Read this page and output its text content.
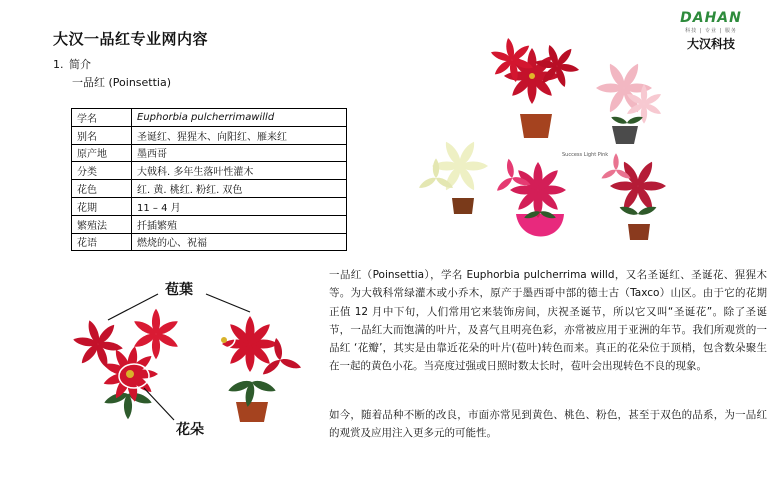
大汉一品红专业网内容
1. 简介
一品红 (Poinsettia)
学名	Euphorbia pulcherrimawilld
别名	圣诞红、猩猩木、向阳红、雁来红
原产地	墨西哥
分类	大戟科. 多年生落叶性灌木
花色	红. 黄. 桃红. 粉红. 双色
花期	11 – 4 月
繁殖法	扦插繁殖
花语	燃烧的心、祝福
DAHAN
科技 | 专业 | 服务
大汉科技
Success Light Pink
苞葉
花朵
一品红（Poinsettia），学名 Euphorbia pulcherrima willd，又名圣诞红、圣诞花、猩猩木等。为大戟科常绿灌木或小乔木，原产于墨西哥中部的德士古（Taxco）山区。由于它的花期正值 12 月中下旬，人们常用它来装饰房间，庆祝圣诞节，所以它又叫“圣诞花”。除了圣诞节，一品红大而饱满的叶片，及喜气且明亮色彩，亦常被应用于亚洲的年节。我们所观赏的一品红 ‘花瓣’，其实是由靠近花朵的叶片(苞叶)转色而来。真正的花朵位于顶梢，包含数朵聚生在一起的黄色小花。当亮度过强或日照时数太长时，苞叶会出现转色不良的现象。
如今，随着品种不断的改良，市面亦常见到黄色、桃色、粉色，甚至于双色的品系，为一品红的观赏及应用注入更多元的可能性。
